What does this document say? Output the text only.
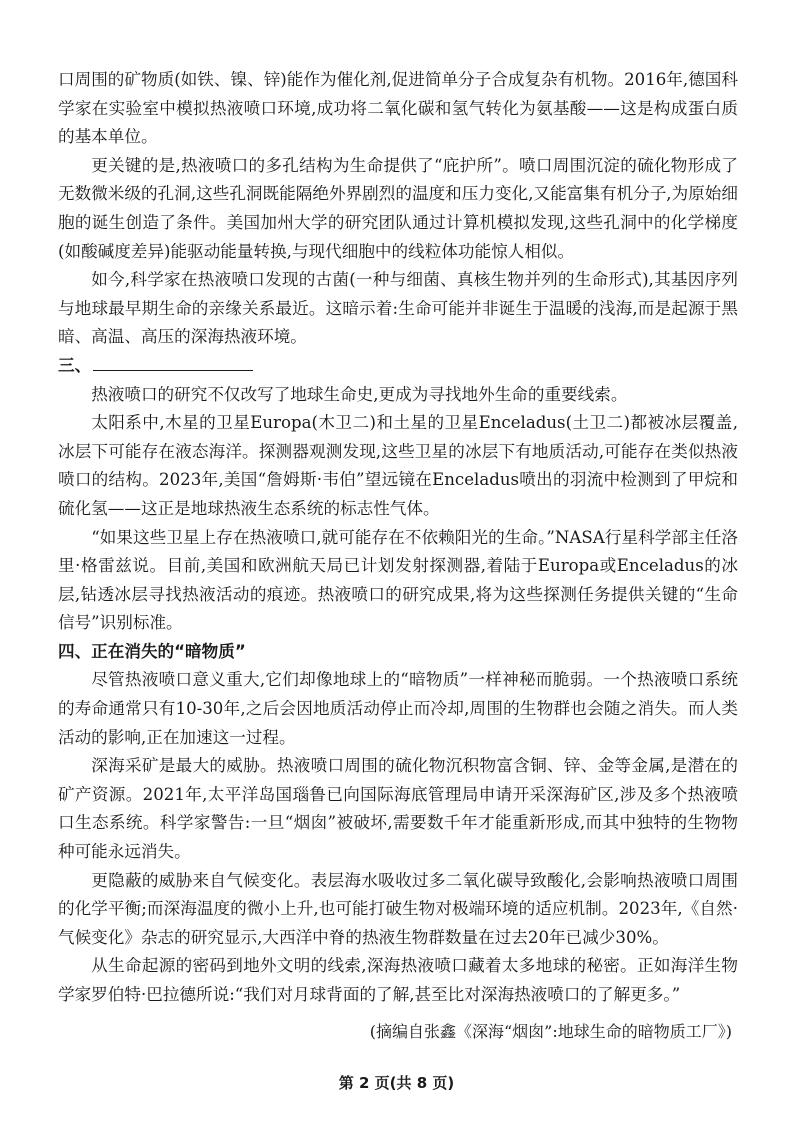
口周围的矿物质(如铁、镍、锌)能作为催化剂,促进简单分子合成复杂有机物。2016年,德国科学家在实验室中模拟热液喷口环境,成功将二氧化碳和氢气转化为氨基酸——这是构成蛋白质的基本单位。

更关键的是,热液喷口的多孔结构为生命提供了“庇护所”。喷口周围沉淀的硫化物形成了无数微米级的孔洞,这些孔洞既能隔绝外界剧烈的温度和压力变化,又能富集有机分子,为原始细胞的诞生创造了条件。美国加州大学的研究团队通过计算机模拟发现,这些孔洞中的化学梯度(如酸碱度差异)能驱动能量转换,与现代细胞中的线粒体功能惊人相似。

如今,科学家在热液喷口发现的古菌(一种与细菌、真核生物并列的生命形式),其基因序列与地球最早期生命的亲缘关系最近。这暗示着:生命可能并非诞生于温暖的浅海,而是起源于黑暗、高温、高压的深海热液环境。

三、

热液喷口的研究不仅改写了地球生命史,更成为寻找地外生命的重要线索。

太阳系中,木星的卫星Europa(木卫二)和土星的卫星Enceladus(土卫二)都被冰层覆盖,冰层下可能存在液态海洋。探测器观测发现,这些卫星的冰层下有地质活动,可能存在类似热液喷口的结构。2023年,美国“詹姆斯·韦伯”望远镜在Enceladus喷出的羽流中检测到了甲烷和硫化氢——这正是地球热液生态系统的标志性气体。

“如果这些卫星上存在热液喷口,就可能存在不依赖阳光的生命。”NASA行星科学部主任洛里·格雷兹说。目前,美国和欧洲航天局已计划发射探测器,着陆于Europa或Enceladus的冰层,钻透冰层寻找热液活动的痕迹。热液喷口的研究成果,将为这些探测任务提供关键的“生命信号”识别标准。

四、正在消失的“暗物质”

尽管热液喷口意义重大,它们却像地球上的“暗物质”一样神秘而脆弱。一个热液喷口系统的寿命通常只有10-30年,之后会因地质活动停止而冷却,周围的生物群也会随之消失。而人类活动的影响,正在加速这一过程。

深海采矿是最大的威胁。热液喷口周围的硫化物沉积物富含铜、锌、金等金属,是潜在的矿产资源。2021年,太平洋岛国瑙鲁已向国际海底管理局申请开采深海矿区,涉及多个热液喷口生态系统。科学家警告:一旦“烟囱”被破坏,需要数千年才能重新形成,而其中独特的生物物种可能永远消失。

更隐蔽的威胁来自气候变化。表层海水吸收过多二氧化碳导致酸化,会影响热液喷口周围的化学平衡;而深海温度的微小上升,也可能打破生物对极端环境的适应机制。2023年,《自然·气候变化》杂志的研究显示,大西洋中脊的热液生物群数量在过去20年已减少30%。

从生命起源的密码到地外文明的线索,深海热液喷口藏着太多地球的秘密。正如海洋生物学家罗伯特·巴拉德所说:“我们对月球背面的了解,甚至比对深海热液喷口的了解更多。”

(摘编自张鑫《深海“烟囱”:地球生命的暗物质工厂》)

第 2 页(共 8 页)
